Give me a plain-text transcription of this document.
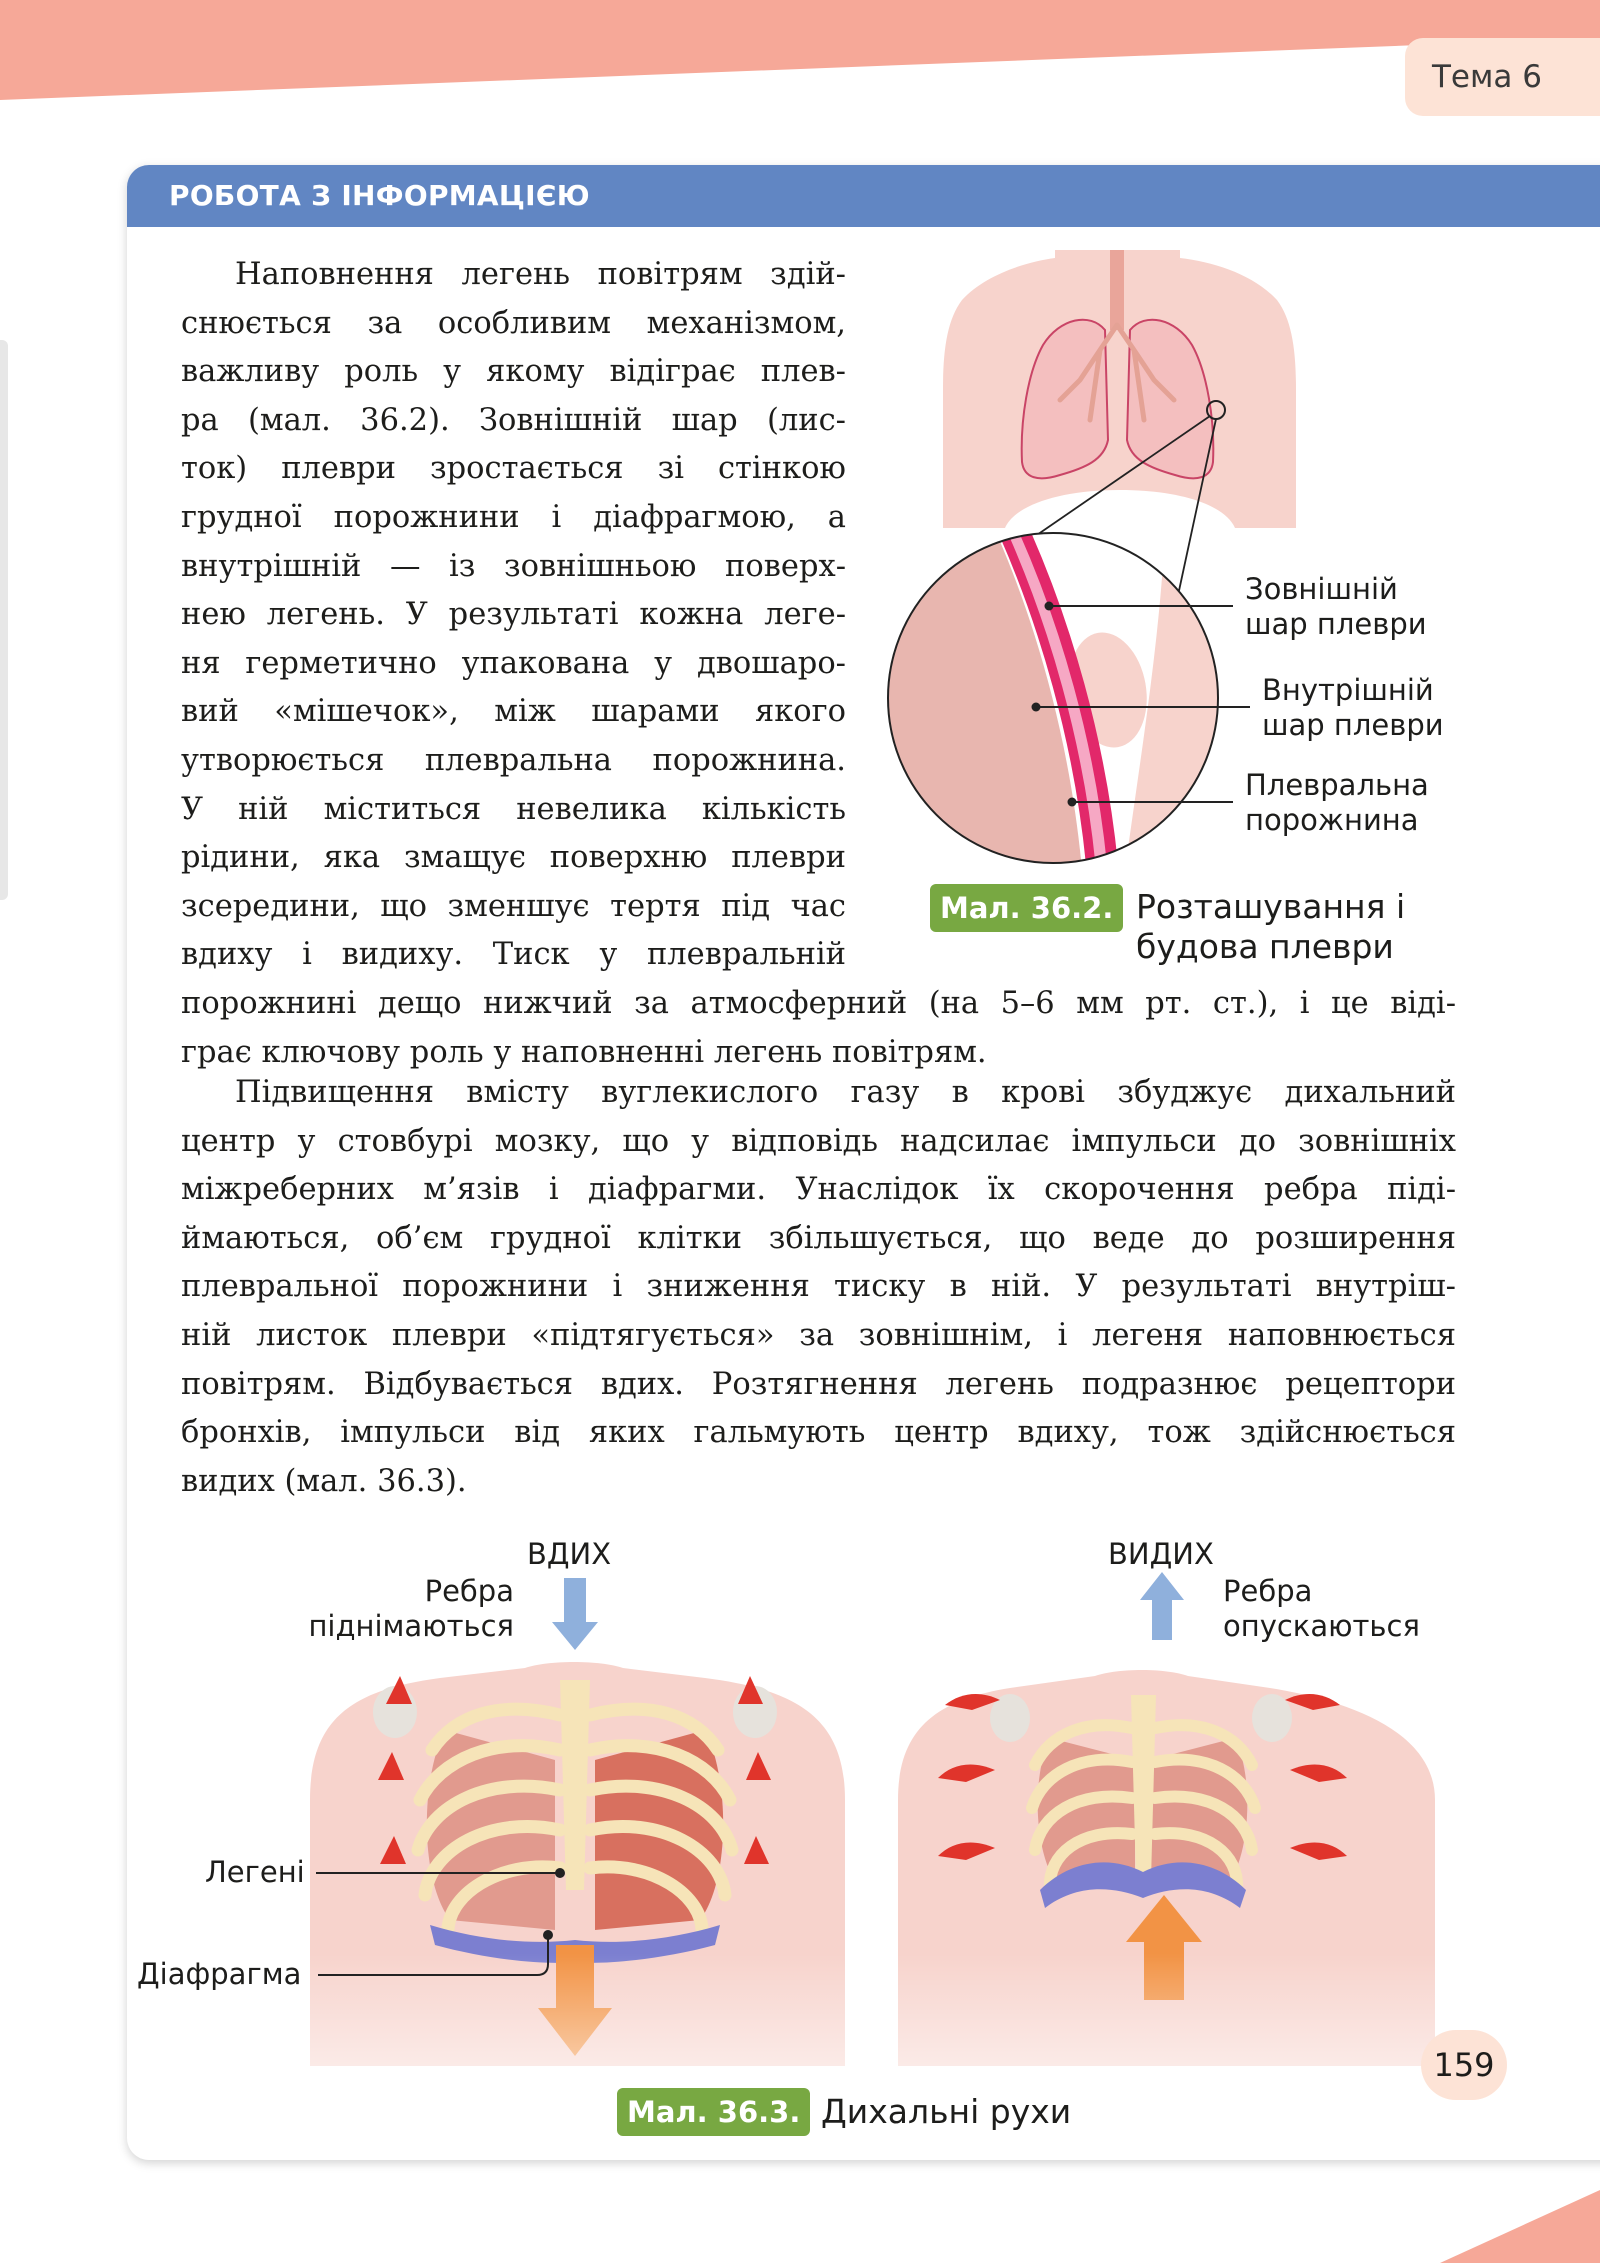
Тема 6
РОБОТА З ІНФОРМАЦІЄЮ
Наповнення легень повітрям здій-
снюється за особливим механізмом,
важливу роль у якому відіграє плев-
ра (мал. 36.2). Зовнішній шар (лис-
ток) плеври зростається зі стінкою
грудної порожнини і діафрагмою, а
внутрішній — із зовнішньою поверх-
нею легень. У результаті кожна леге-
ня герметично упакована у двошаро-
вий «мішечок», між шарами якого
утворюється плевральна порожнина.
У ній міститься невелика кількість
рідини, яка змащує поверхню плеври
зсередини, що зменшує тертя під час
вдиху і видиху. Тиск у плевральній
порожнині дещо нижчий за атмосферний (на 5–6 мм рт. ст.), і це віді-
грає ключову роль у наповненні легень повітрям.
Підвищення вмісту вуглекислого газу в крові збуджує дихальний
центр у стовбурі мозку, що у відповідь надсилає імпульси до зовнішніх
міжреберних м’язів і діафрагми. Унаслідок їх скорочення ребра піді-
ймаються, об’єм грудної клітки збільшується, що веде до розширення
плевральної порожнини і зниження тиску в ній. У результаті внутріш-
ній листок плеври «підтягується» за зовнішнім, і легеня наповнюється
повітрям. Відбувається вдих. Розтягнення легень подразнює рецептори
бронхів, імпульси від яких гальмують центр вдиху, тож здійснюється
видих (мал. 36.3).
Зовнішній
шар плеври
Внутрішній
шар плеври
Плевральна
порожнина
Мал. 36.2. Розташування і
будова плеври
ВДИХ
Ребра
піднімаються
ВИДИХ
Ребра
опускаються
Легені
Діафрагма
Мал. 36.3. Дихальні рухи
159
